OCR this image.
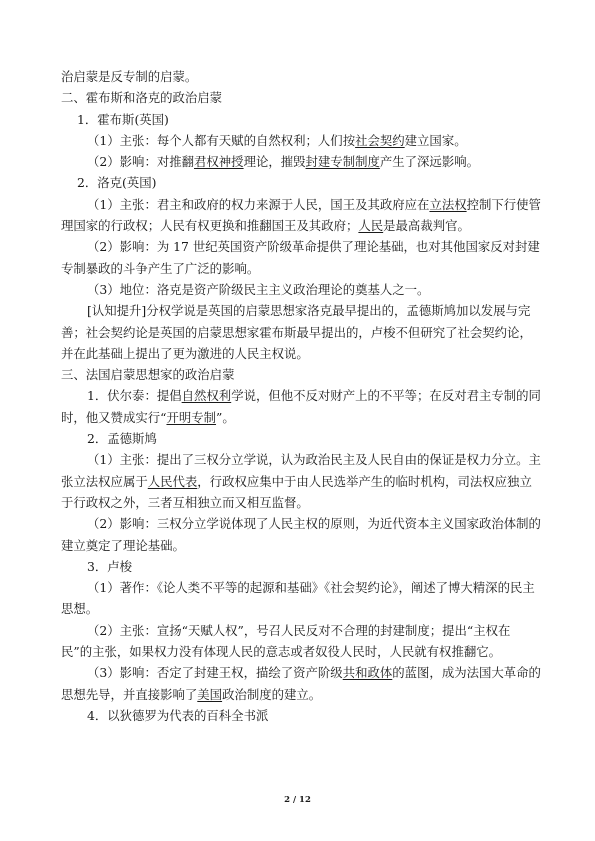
治启蒙是反专制的启蒙。

二、霍布斯和洛克的政治启蒙

1．霍布斯(英国)

（1）主张：每个人都有天赋的自然权利；人们按社会契约建立国家。

（2）影响：对推翻君权神授理论，摧毁封建专制制度产生了深远影响。

2．洛克(英国)

（1）主张：君主和政府的权力来源于人民，国王及其政府应在立法权控制下行使管理国家的行政权；人民有权更换和推翻国王及其政府；人民是最高裁判官。

（2）影响：为 17 世纪英国资产阶级革命提供了理论基础，也对其他国家反对封建专制暴政的斗争产生了广泛的影响。

（3）地位：洛克是资产阶级民主主义政治理论的奠基人之一。

[认知提升]分权学说是英国的启蒙思想家洛克最早提出的，孟德斯鸠加以发展与完善；社会契约论是英国的启蒙思想家霍布斯最早提出的，卢梭不但研究了社会契约论，并在此基础上提出了更为激进的人民主权说。

三、法国启蒙思想家的政治启蒙

1．伏尔泰：提倡自然权利学说，但他不反对财产上的不平等；在反对君主专制的同时，他又赞成实行“开明专制”。

2．孟德斯鸠

（1）主张：提出了三权分立学说，认为政治民主及人民自由的保证是权力分立。主张立法权应属于人民代表，行政权应集中于由人民选举产生的临时机构，司法权应独立于行政权之外，三者互相独立而又相互监督。

（2）影响：三权分立学说体现了人民主权的原则，为近代资本主义国家政治体制的建立奠定了理论基础。

3．卢梭

（1）著作：《论人类不平等的起源和基础》《社会契约论》，阐述了博大精深的民主思想。

（2）主张：宣扬“天赋人权”，号召人民反对不合理的封建制度；提出“主权在民”的主张，如果权力没有体现人民的意志或者奴役人民时，人民就有权推翻它。

（3）影响：否定了封建王权，描绘了资产阶级共和政体的蓝图，成为法国大革命的思想先导，并直接影响了美国政治制度的建立。

4．以狄德罗为代表的百科全书派

2 / 12
